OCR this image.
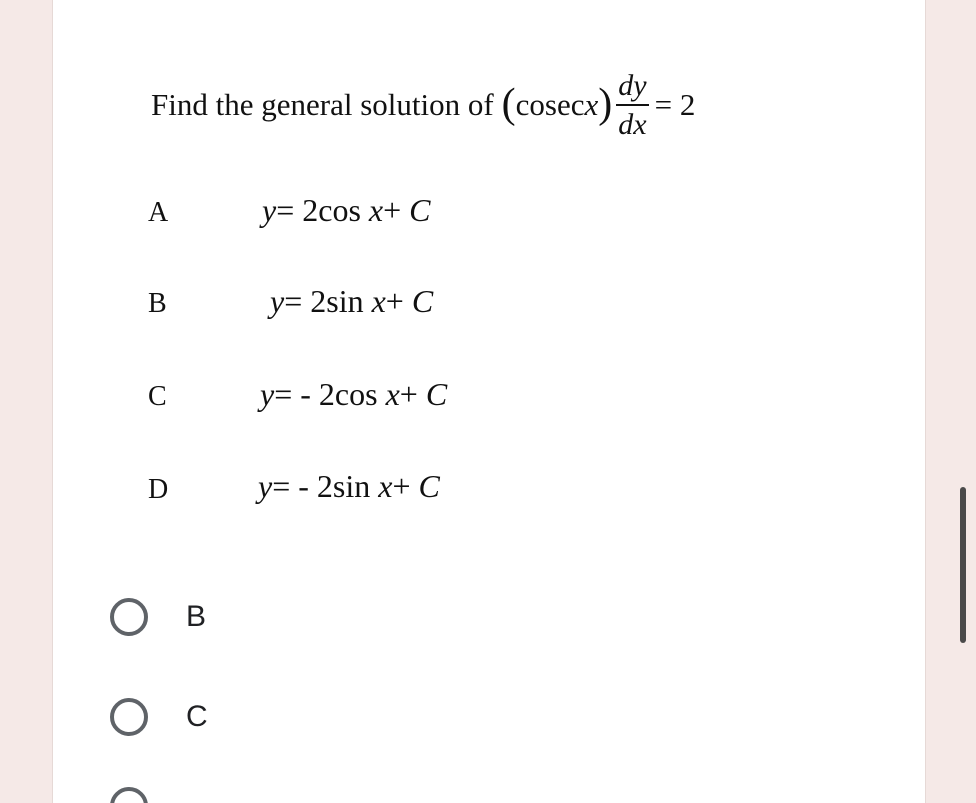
Find the general solution of ( cosecx ) $\frac{dy}{dx} = 2$
A	y= 2cos x+ C
B	y= 2sin x+ C
C	y= - 2cos x+ C
D	y= - 2sin x+ C
B
C
